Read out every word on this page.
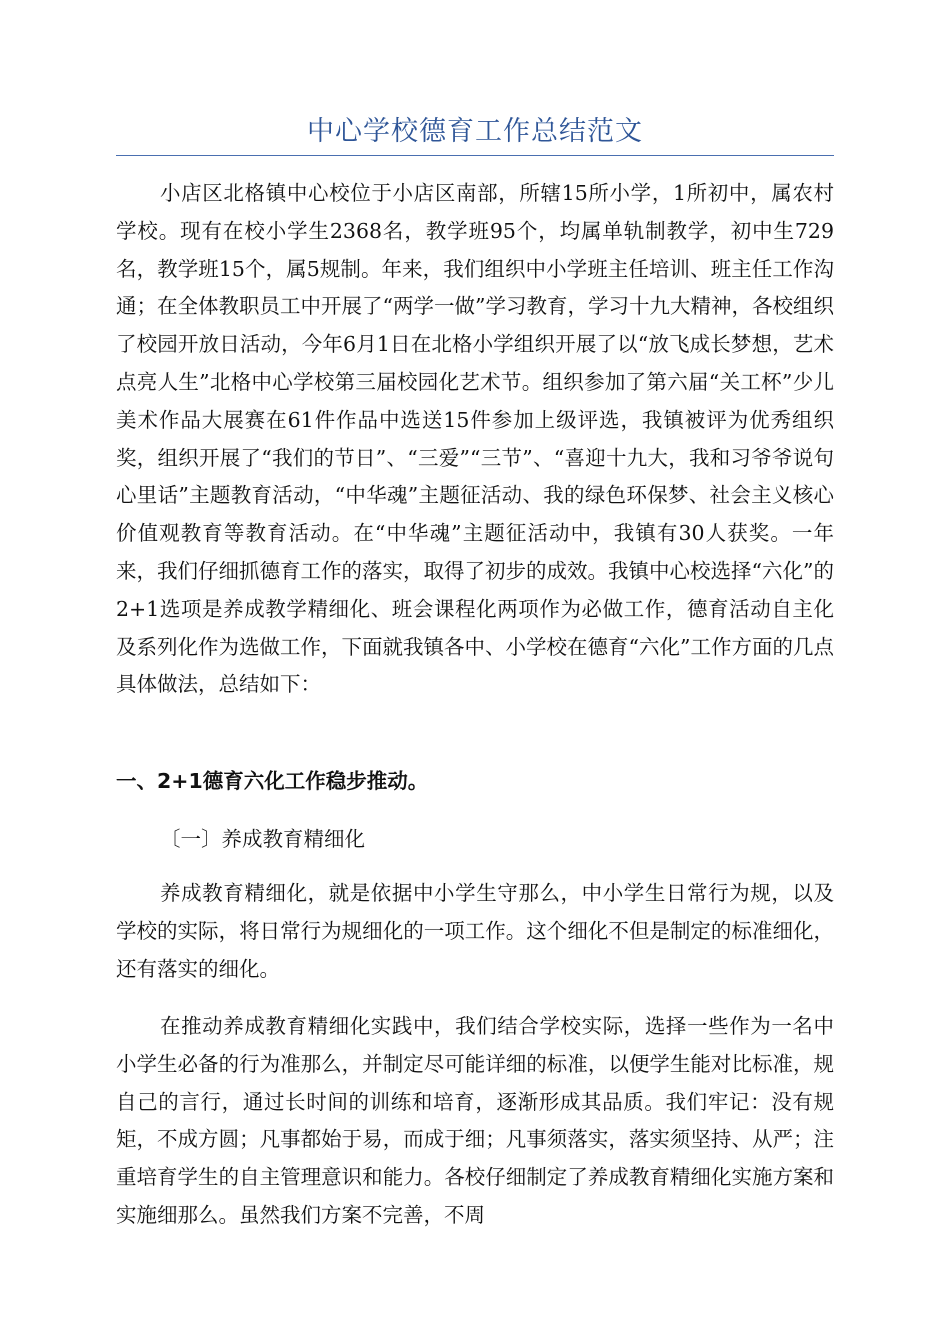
中心学校德育工作总结范文

小店区北格镇中心校位于小店区南部，所辖15所小学，1所初中，属农村学校。现有在校小学生2368名，教学班95个，均属单轨制教学，初中生729名，教学班15个，属5规制。年来，我们组织中小学班主任培训、班主任工作沟通；在全体教职员工中开展了“两学一做”学习教育，学习十九大精神，各校组织了校园开放日活动，今年6月1日在北格小学组织开展了以“放飞成长梦想，艺术点亮人生”北格中心学校第三届校园化艺术节。组织参加了第六届“关工杯”少儿美术作品大展赛在61件作品中选送15件参加上级评选，我镇被评为优秀组织奖，组织开展了“我们的节日”、“三爱”“三节”、“喜迎十九大，我和习爷爷说句心里话”主题教育活动，“中华魂”主题征活动、我的绿色环保梦、社会主义核心价值观教育等教育活动。在“中华魂”主题征活动中，我镇有30人获奖。一年来，我们仔细抓德育工作的落实，取得了初步的成效。我镇中心校选择“六化”的2+1选项是养成教学精细化、班会课程化两项作为必做工作，德育活动自主化及系列化作为选做工作，下面就我镇各中、小学校在德育“六化”工作方面的几点具体做法，总结如下：

一、2+1德育六化工作稳步推动。

〔一〕养成教育精细化

养成教育精细化，就是依据中小学生守那么，中小学生日常行为规，以及学校的实际，将日常行为规细化的一项工作。这个细化不但是制定的标准细化，还有落实的细化。

在推动养成教育精细化实践中，我们结合学校实际，选择一些作为一名中小学生必备的行为准那么，并制定尽可能详细的标准，以便学生能对比标准，规自己的言行，通过长时间的训练和培育，逐渐形成其品质。我们牢记：没有规矩，不成方圆；凡事都始于易，而成于细；凡事须落实，落实须坚持、从严；注重培育学生的自主管理意识和能力。各校仔细制定了养成教育精细化实施方案和实施细那么。虽然我们方案不完善，不周
